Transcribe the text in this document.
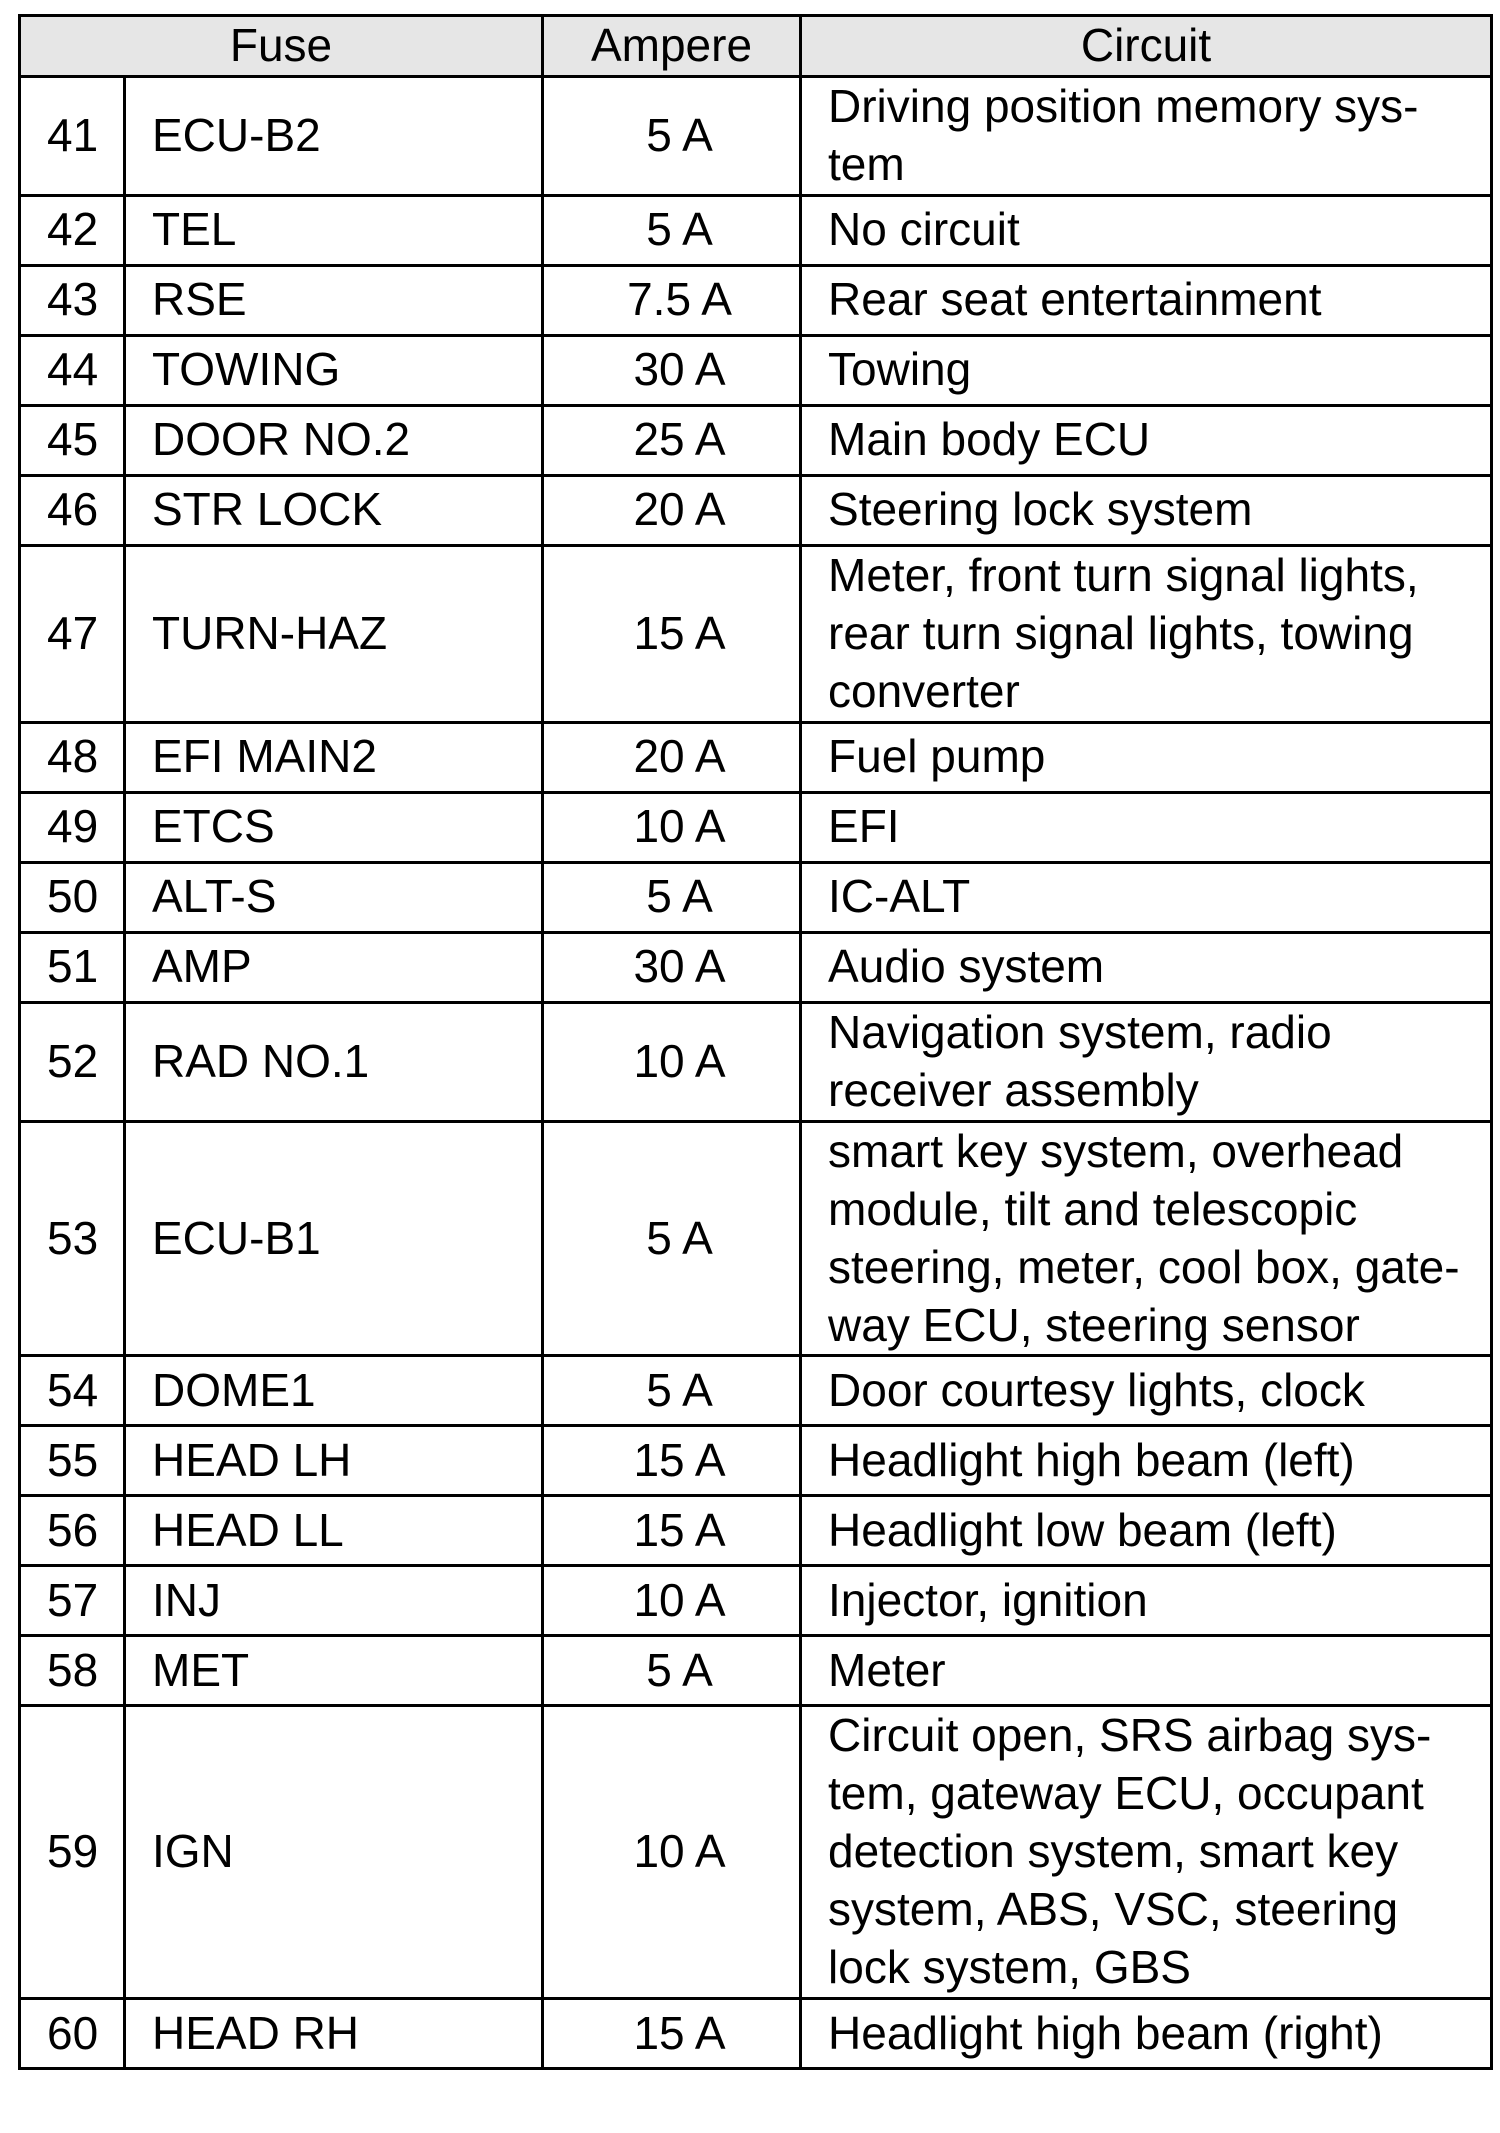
Fuse		Ampere	Circuit
41	ECU-B2	5 A	Driving position memory sys-
tem
42	TEL	5 A	No circuit
43	RSE	7.5 A	Rear seat entertainment
44	TOWING	30 A	Towing
45	DOOR NO.2	25 A	Main body ECU
46	STR LOCK	20 A	Steering lock system
47	TURN-HAZ	15 A	Meter, front turn signal lights,
rear turn signal lights, towing
converter
48	EFI MAIN2	20 A	Fuel pump
49	ETCS	10 A	EFI
50	ALT-S	5 A	IC-ALT
51	AMP	30 A	Audio system
52	RAD NO.1	10 A	Navigation system, radio
receiver assembly
53	ECU-B1	5 A	smart key system, overhead
module, tilt and telescopic
steering, meter, cool box, gate-
way ECU, steering sensor
54	DOME1	5 A	Door courtesy lights, clock
55	HEAD LH	15 A	Headlight high beam (left)
56	HEAD LL	15 A	Headlight low beam (left)
57	INJ	10 A	Injector, ignition
58	MET	5 A	Meter
59	IGN	10 A	Circuit open, SRS airbag sys-
tem, gateway ECU, occupant
detection system, smart key
system, ABS, VSC, steering
lock system, GBS
60	HEAD RH	15 A	Headlight high beam (right)
